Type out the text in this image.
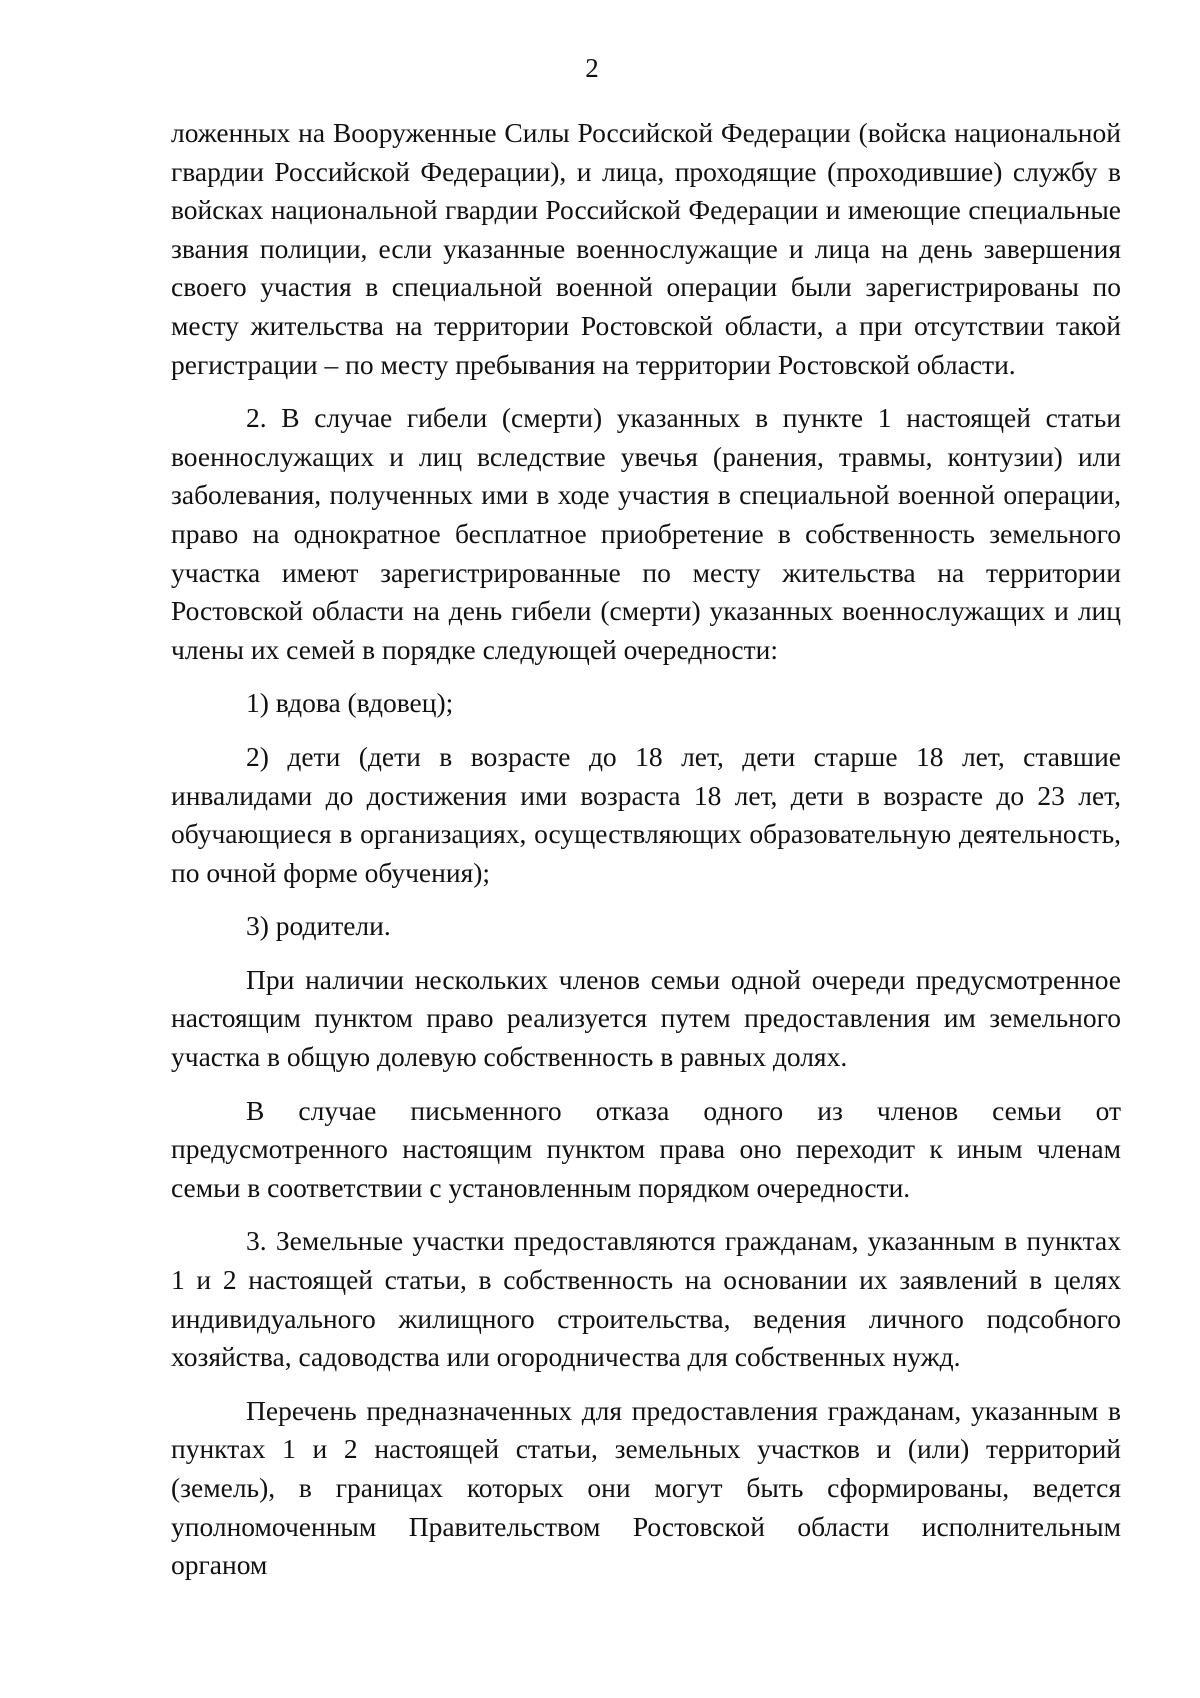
2

ложенных на Вооруженные Силы Российской Федерации (войска национальной гвардии Российской Федерации), и лица, проходящие (проходившие) службу в войсках национальной гвардии Российской Федерации и имеющие специальные звания полиции, если указанные военнослужащие и лица на день завершения своего участия в специальной военной операции были зарегистрированы по месту жительства на территории Ростовской области, а при отсутствии такой регистрации – по месту пребывания на территории Ростовской области.

2. В случае гибели (смерти) указанных в пункте 1 настоящей статьи военнослужащих и лиц вследствие увечья (ранения, травмы, контузии) или заболевания, полученных ими в ходе участия в специальной военной операции, право на однократное бесплатное приобретение в собственность земельного участка имеют зарегистрированные по месту жительства на территории Ростовской области на день гибели (смерти) указанных военнослужащих и лиц члены их семей в порядке следующей очередности:

1) вдова (вдовец);

2) дети (дети в возрасте до 18 лет, дети старше 18 лет, ставшие инвалидами до достижения ими возраста 18 лет, дети в возрасте до 23 лет, обучающиеся в организациях, осуществляющих образовательную деятельность, по очной форме обучения);

3) родители.

При наличии нескольких членов семьи одной очереди предусмотренное настоящим пунктом право реализуется путем предоставления им земельного участка в общую долевую собственность в равных долях.

В случае письменного отказа одного из членов семьи от предусмотренного настоящим пунктом права оно переходит к иным членам семьи в соответствии с установленным порядком очередности.

3. Земельные участки предоставляются гражданам, указанным в пунктах 1 и 2 настоящей статьи, в собственность на основании их заявлений в целях индивидуального жилищного строительства, ведения личного подсобного хозяйства, садоводства или огородничества для собственных нужд.

Перечень предназначенных для предоставления гражданам, указанным в пунктах 1 и 2 настоящей статьи, земельных участков и (или) территорий (земель), в границах которых они могут быть сформированы, ведется уполномоченным Правительством Ростовской области исполнительным органом
